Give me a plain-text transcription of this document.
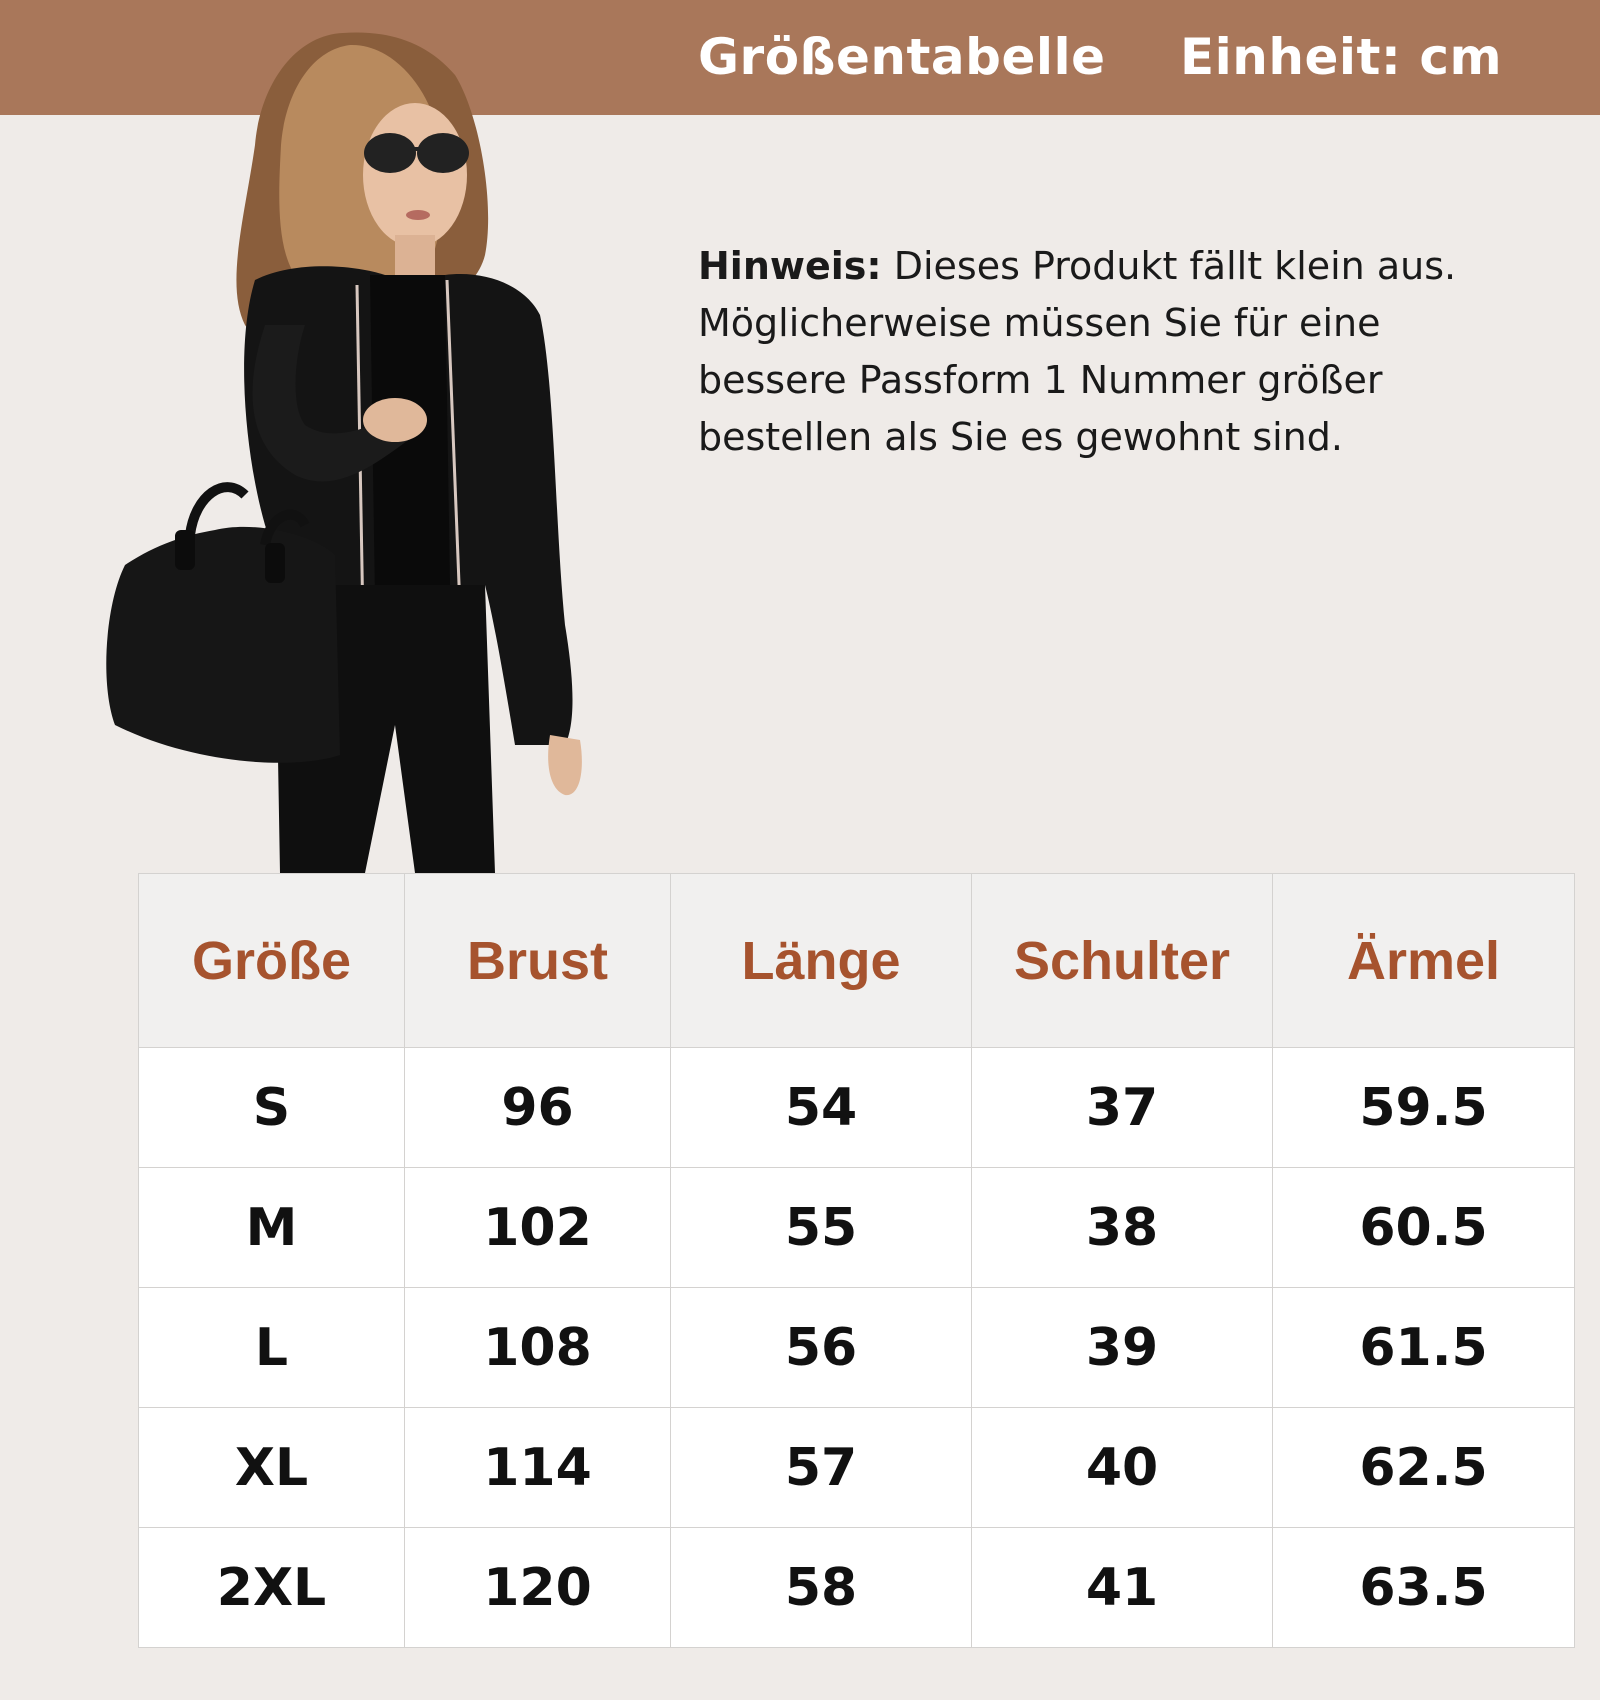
Größentabelle Einheit: cm
Hinweis: Dieses Produkt fällt klein aus. Möglicherweise müssen Sie für eine bessere Passform 1 Nummer größer bestellen als Sie es gewohnt sind.
Größe	Brust	Länge	Schulter	Ärmel
S	96	54	37	59.5
M	102	55	38	60.5
L	108	56	39	61.5
XL	114	57	40	62.5
2XL	120	58	41	63.5
